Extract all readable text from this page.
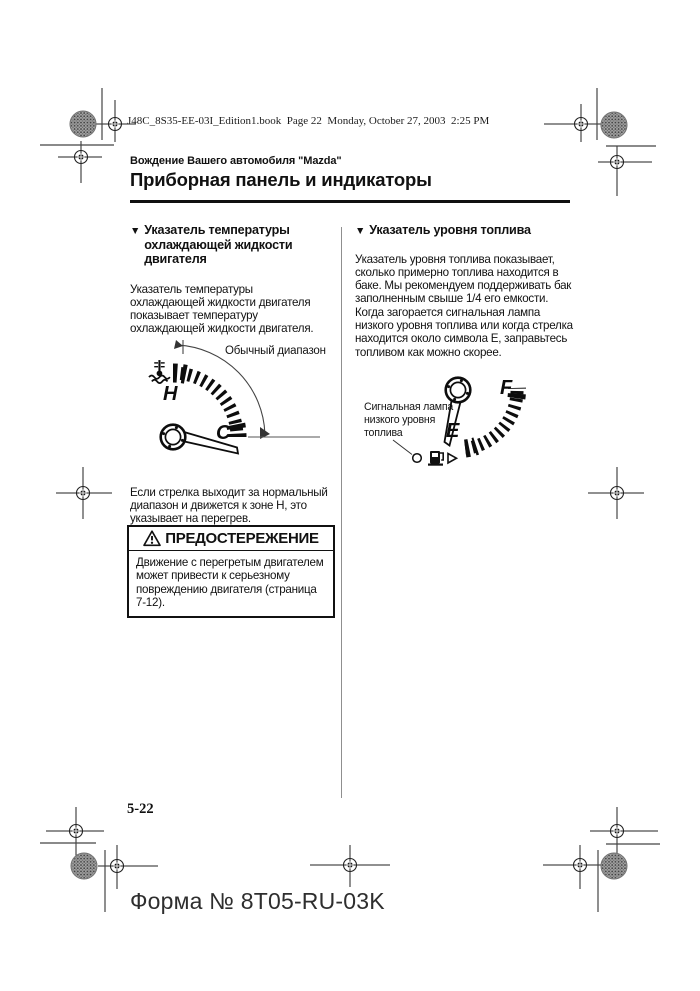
J48C_8S35-EE-03I_Edition1.book  Page 22  Monday, October 27, 2003  2:25 PM
Вождение Вашего автомобиля "Mazda"
Приборная панель и индикаторы
▼ Указатель температуры охлаждающей жидкости двигателя

Указатель температуры охлаждающей жидкости двигателя показывает температуру охлаждающей жидкости двигателя.

Обычный диапазон
H
C

Если стрелка выходит за нормальный диапазон и движется к зоне H, это указывает на перегрев.

ПРЕДОСТЕРЕЖЕНИЕ
Движение с перегретым двигателем может привести к серьезному повреждению двигателя (страница 7-12).
▼ Указатель уровня топлива

Указатель уровня топлива показывает, сколько примерно топлива находится в баке. Мы рекомендуем поддерживать бак заполненным свыше 1/4 его емкости. Когда загорается сигнальная лампа низкого уровня топлива или когда стрелка находится около символа E, заправьтесь топливом как можно скорее.

E
F
Сигнальная лампа
низкого уровня
топлива
5-22
Форма № 8T05-RU-03K
